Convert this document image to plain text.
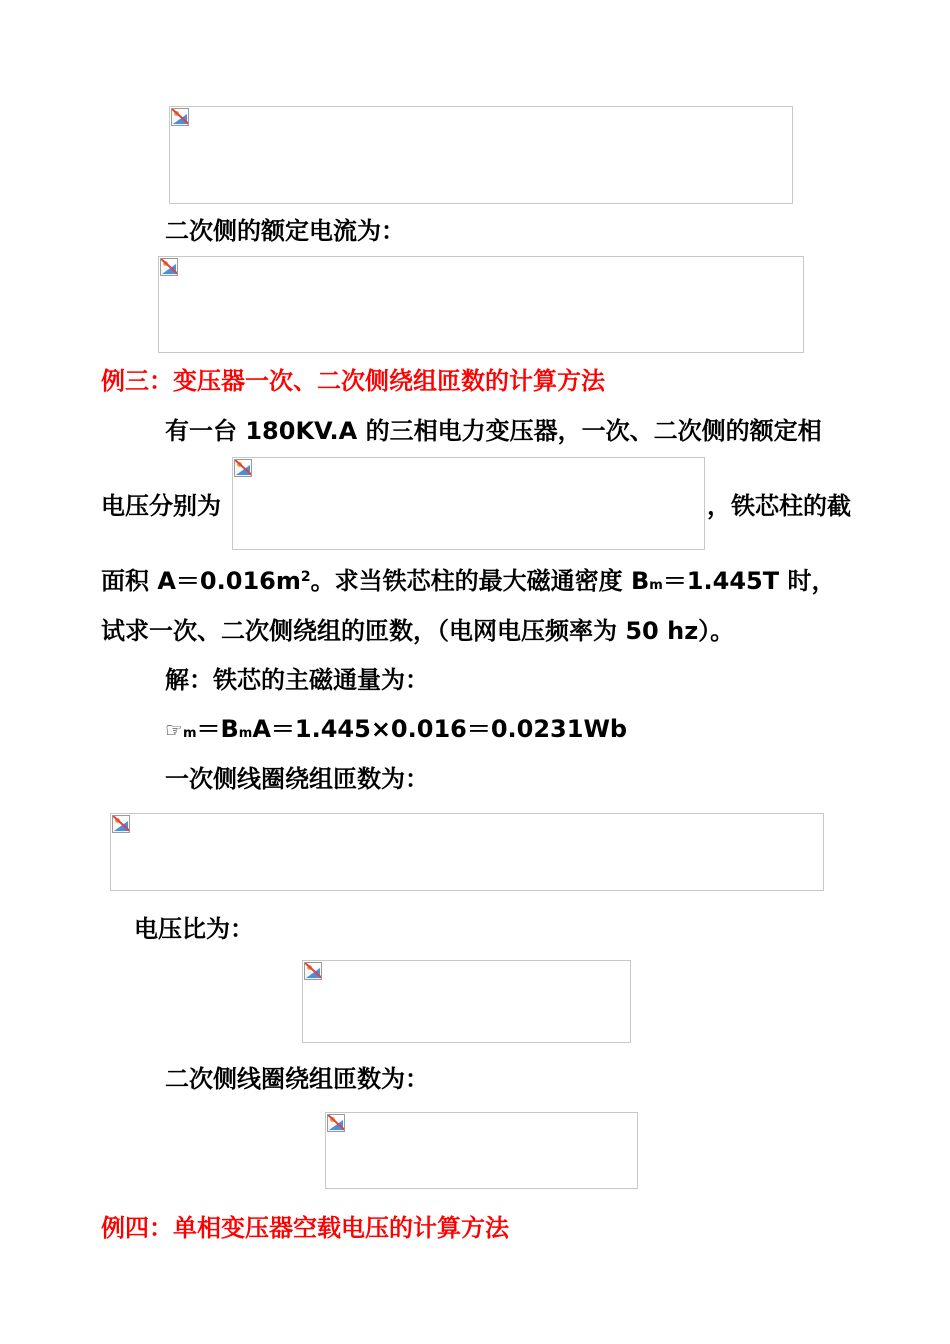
二次侧的额定电流为：
例三：变压器一次、二次侧绕组匝数的计算方法
有一台 180KV.A 的三相电力变压器，一次、二次侧的额定相
电压分别为	，铁芯柱的截
面积 $A=0.016m^2$。求当铁芯柱的最大磁通密度 Bm＝1.445T 时，
试求一次、二次侧绕组的匝数，（电网电压频率为 50 hz）。
解：铁芯的主磁通量为：
☞m＝BmA＝1.445×0.016＝0.0231Wb
一次侧线圈绕组匝数为：
电压比为：
二次侧线圈绕组匝数为：
例四：单相变压器空载电压的计算方法
